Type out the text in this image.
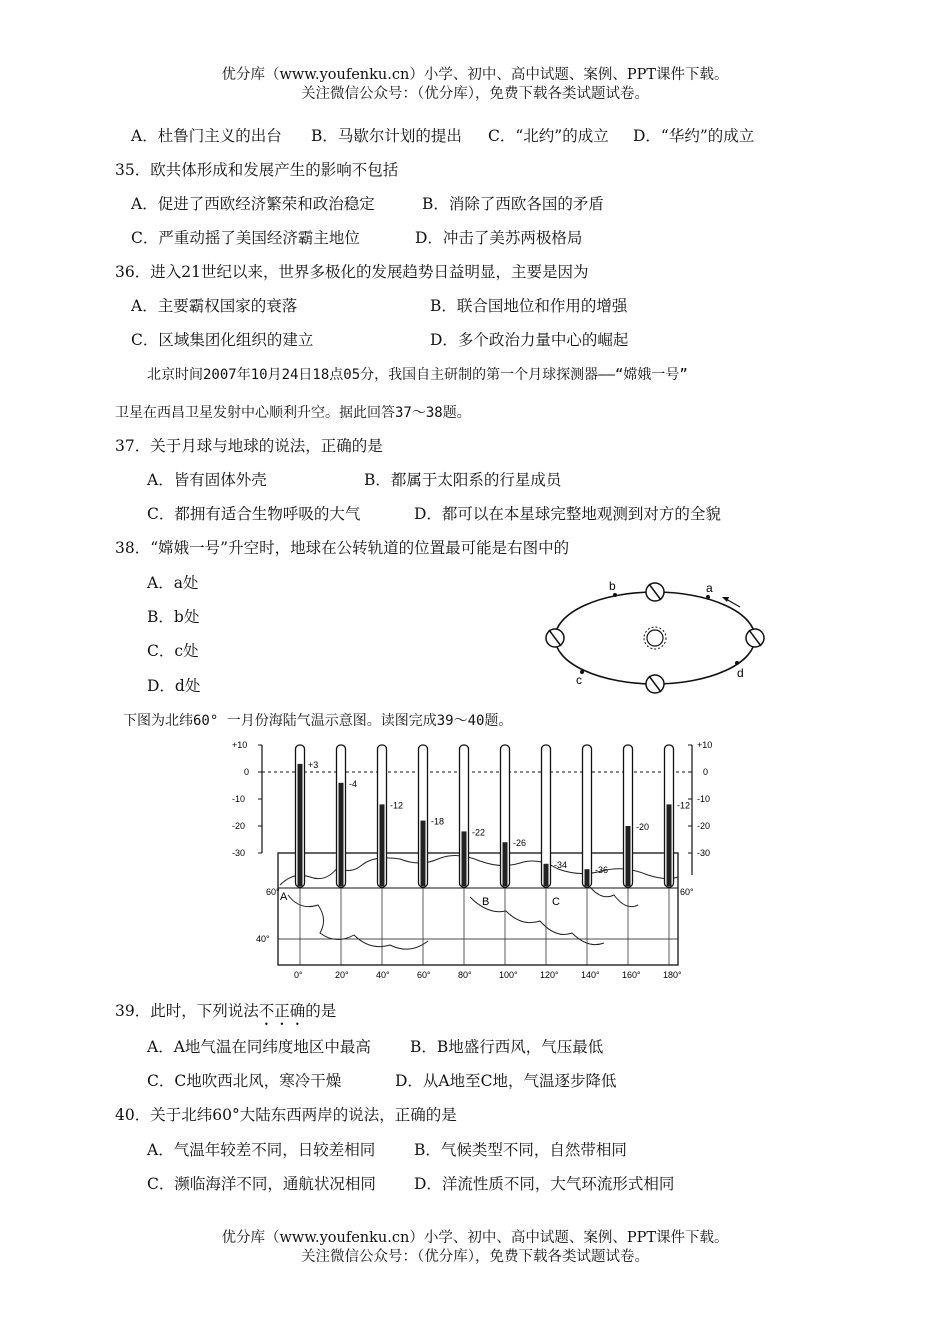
优分库（www.youfenku.cn）小学、初中、高中试题、案例、PPT课件下载。
关注微信公众号：（优分库），免费下载各类试题试卷。
A．杜鲁门主义的出台 B．马歇尔计划的提出 C．“北约”的成立 D．“华约”的成立
35．欧共体形成和发展产生的影响不包括
A．促进了西欧经济繁荣和政治稳定	B．消除了西欧各国的矛盾
C．严重动摇了美国经济霸主地位	D．冲击了美苏两极格局
36．进入21世纪以来，世界多极化的发展趋势日益明显，主要是因为
A．主要霸权国家的衰落	B．联合国地位和作用的增强
C．区域集团化组织的建立	D．多个政治力量中心的崛起
北京时间2007年10月24日18点05分，我国自主研制的第一个月球探测器——“嫦娥一号”
卫星在西昌卫星发射中心顺利升空。据此回答37～38题。
37．关于月球与地球的说法，正确的是
A．皆有固体外壳	B．都属于太阳系的行星成员
C．都拥有适合生物呼吸的大气	D．都可以在本星球完整地观测到对方的全貌
38．“嫦娥一号”升空时，地球在公转轨道的位置最可能是右图中的
A．a处
B．b处
C．c处
D．d处
a
b
c	d
下图为北纬60° 一月份海陆气温示意图。读图完成39～40题。
+10
0
-10
-20
-30
+10
0
-10
-20
-30
60°	60°
40°
A	B	C
0°	20°	40°	60°	80°	100° 120° 140° 160° 180°
+3
-4
-12
-18
-22
-26
-34
-36
-20
-12
39．此时，下列说法不正确的是
A．A地气温在同纬度地区中最高	B．B地盛行西风，气压最低
C．C地吹西北风，寒冷干燥	D．从A地至C地，气温逐步降低
40．关于北纬60°大陆东西两岸的说法，正确的是
A．气温年较差不同，日较差相同	B．气候类型不同，自然带相同
C．濒临海洋不同，通航状况相同 D．洋流性质不同，大气环流形式相同
优分库（www.youfenku.cn）小学、初中、高中试题、案例、PPT课件下载。
关注微信公众号：（优分库），免费下载各类试题试卷。
